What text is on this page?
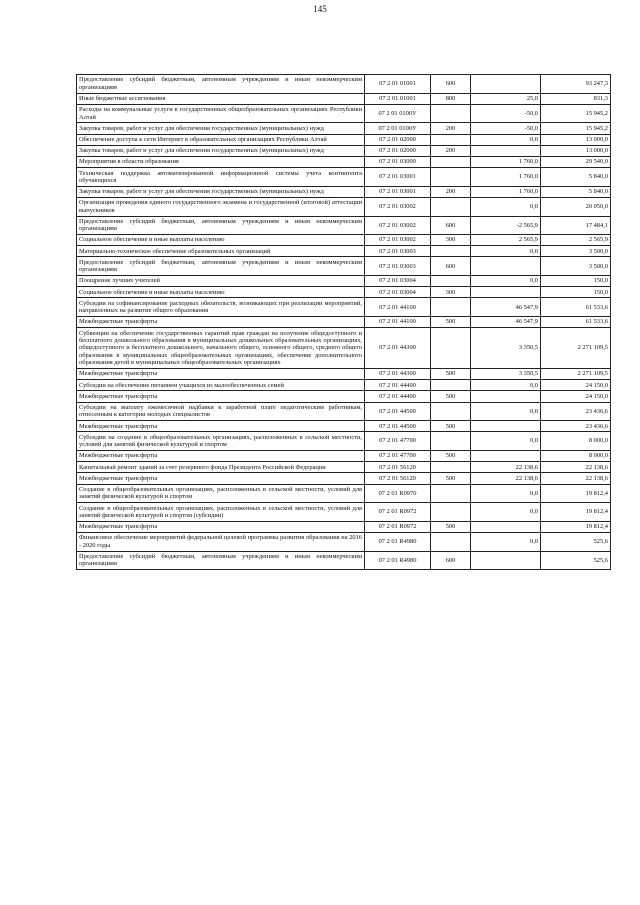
145
Предоставление субсидий бюджетным, автономным учреждениям и иным некоммерческим организациям	07 2 01 01001	600		93 247,3
Иные бюджетные ассигнования	07 2 01 01001	800	25,0	831,3
Расходы на коммунальные услуги в государственных общеобразовательных организациях Республики Алтай	07 2 01 0100У		-50,0	15 945,2
Закупка товаров, работ и услуг для обеспечения государственных (муниципальных) нужд	07 2 01 0100У	200	-50,0	15 945,2
Обеспечение доступа к сети Интернет в образовательных организациях Республики Алтай	07 2 01 02000		0,0	13 000,0
Закупка товаров, работ и услуг для обеспечения государственных (муниципальных) нужд	07 2 01 02000	200		13 000,0
Мероприятия в области образования	07 2 01 03000		1 760,0	29 540,0
Техническая поддержка автоматизированной информационной системы учета контингента обучающихся	07 2 01 03001		1 760,0	5 840,0
Закупка товаров, работ и услуг для обеспечения государственных (муниципальных) нужд	07 2 01 03001	200	1 760,0	5 840,0
Организация проведения единого государственного экзамена и государственной (итоговой) аттестации выпускников	07 2 01 03002		0,0	20 050,0
Предоставление субсидий бюджетным, автономным учреждениям и иным некоммерческим организациям	07 2 01 03002	600	-2 565,9	17 484,1
Социальное обеспечение и иные выплаты населению	07 2 01 03002	300	2 565,9	2 565,9
Материально-техническое обеспечение образовательных организаций	07 2 01 03003		0,0	3 500,0
Предоставление субсидий бюджетным, автономным учреждениям и иным некоммерческим организациям	07 2 01 03003	600		3 500,0
Поощрение лучших учителей	07 2 01 03004		0,0	150,0
Социальное обеспечение и иные выплаты населению	07 2 01 03004	300		150,0
Субсидии на софинансирование расходных обязательств, возникающих при реализации мероприятий, направленных на развитие общего образования	07 2 01 44100		46 547,9	61 533,6
Межбюджетные трансферты	07 2 01 44100	500	46 547,9	61 533,6
Субвенции на обеспечение государственных гарантий прав граждан на получение общедоступного и бесплатного дошкольного образования в муниципальных дошкольных образовательных организациях, общедоступного и бесплатного дошкольного, начального общего, основного общего, среднего общего образования в муниципальных общеобразовательных организациях, обеспечение дополнительного образования детей в муниципальных общеобразовательных организациях	07 2 01 44300		3 350,5	2 271 109,5
Межбюджетные трансферты	07 2 01 44300	500	3 350,5	2 271 109,5
Субсидии на обеспечение питанием учащихся из малообеспеченных семей	07 2 01 44400		0,0	24 150,0
Межбюджетные трансферты	07 2 01 44400	500		24 150,0
Субсидии на выплату ежемесячной надбавки к заработной плате педагогическим работникам, отнесенным к категории молодых специалистов	07 2 01 44500		0,0	23 436,6
Межбюджетные трансферты	07 2 01 44500	500		23 436,6
Субсидии на создание в общеобразовательных организациях, расположенных в сельской местности, условий для занятий физической культурой и спортом	07 2 01 47700		0,0	8 000,0
Межбюджетные трансферты	07 2 01 47700	500		8 000,0
Капитальный ремонт зданий за счет резервного фонда Президента Российской Федерации	07 2 01 56120		22 138,6	22 138,6
Межбюджетные трансферты	07 2 01 56120	500	22 138,6	22 138,6
Создание в общеобразовательных организациях, расположенных в сельской местности, условий для занятий физической культурой и спортом	07 2 01 R0970		0,0	19 812,4
Создание в общеобразовательных организациях, расположенных в сельской местности, условий для занятий физической культурой и спортом (субсидии)	07 2 01 R0972		0,0	19 812,4
Межбюджетные трансферты	07 2 01 R0972	500		19 812,4
Финансовое обеспечение мероприятий федеральной целевой программы развития образования на 2016 - 2020 годы	07 2 01 R4980		0,0	525,6
Предоставление субсидий бюджетным, автономным учреждениям и иным некоммерческим организациям	07 2 01 R4980	600		525,6
